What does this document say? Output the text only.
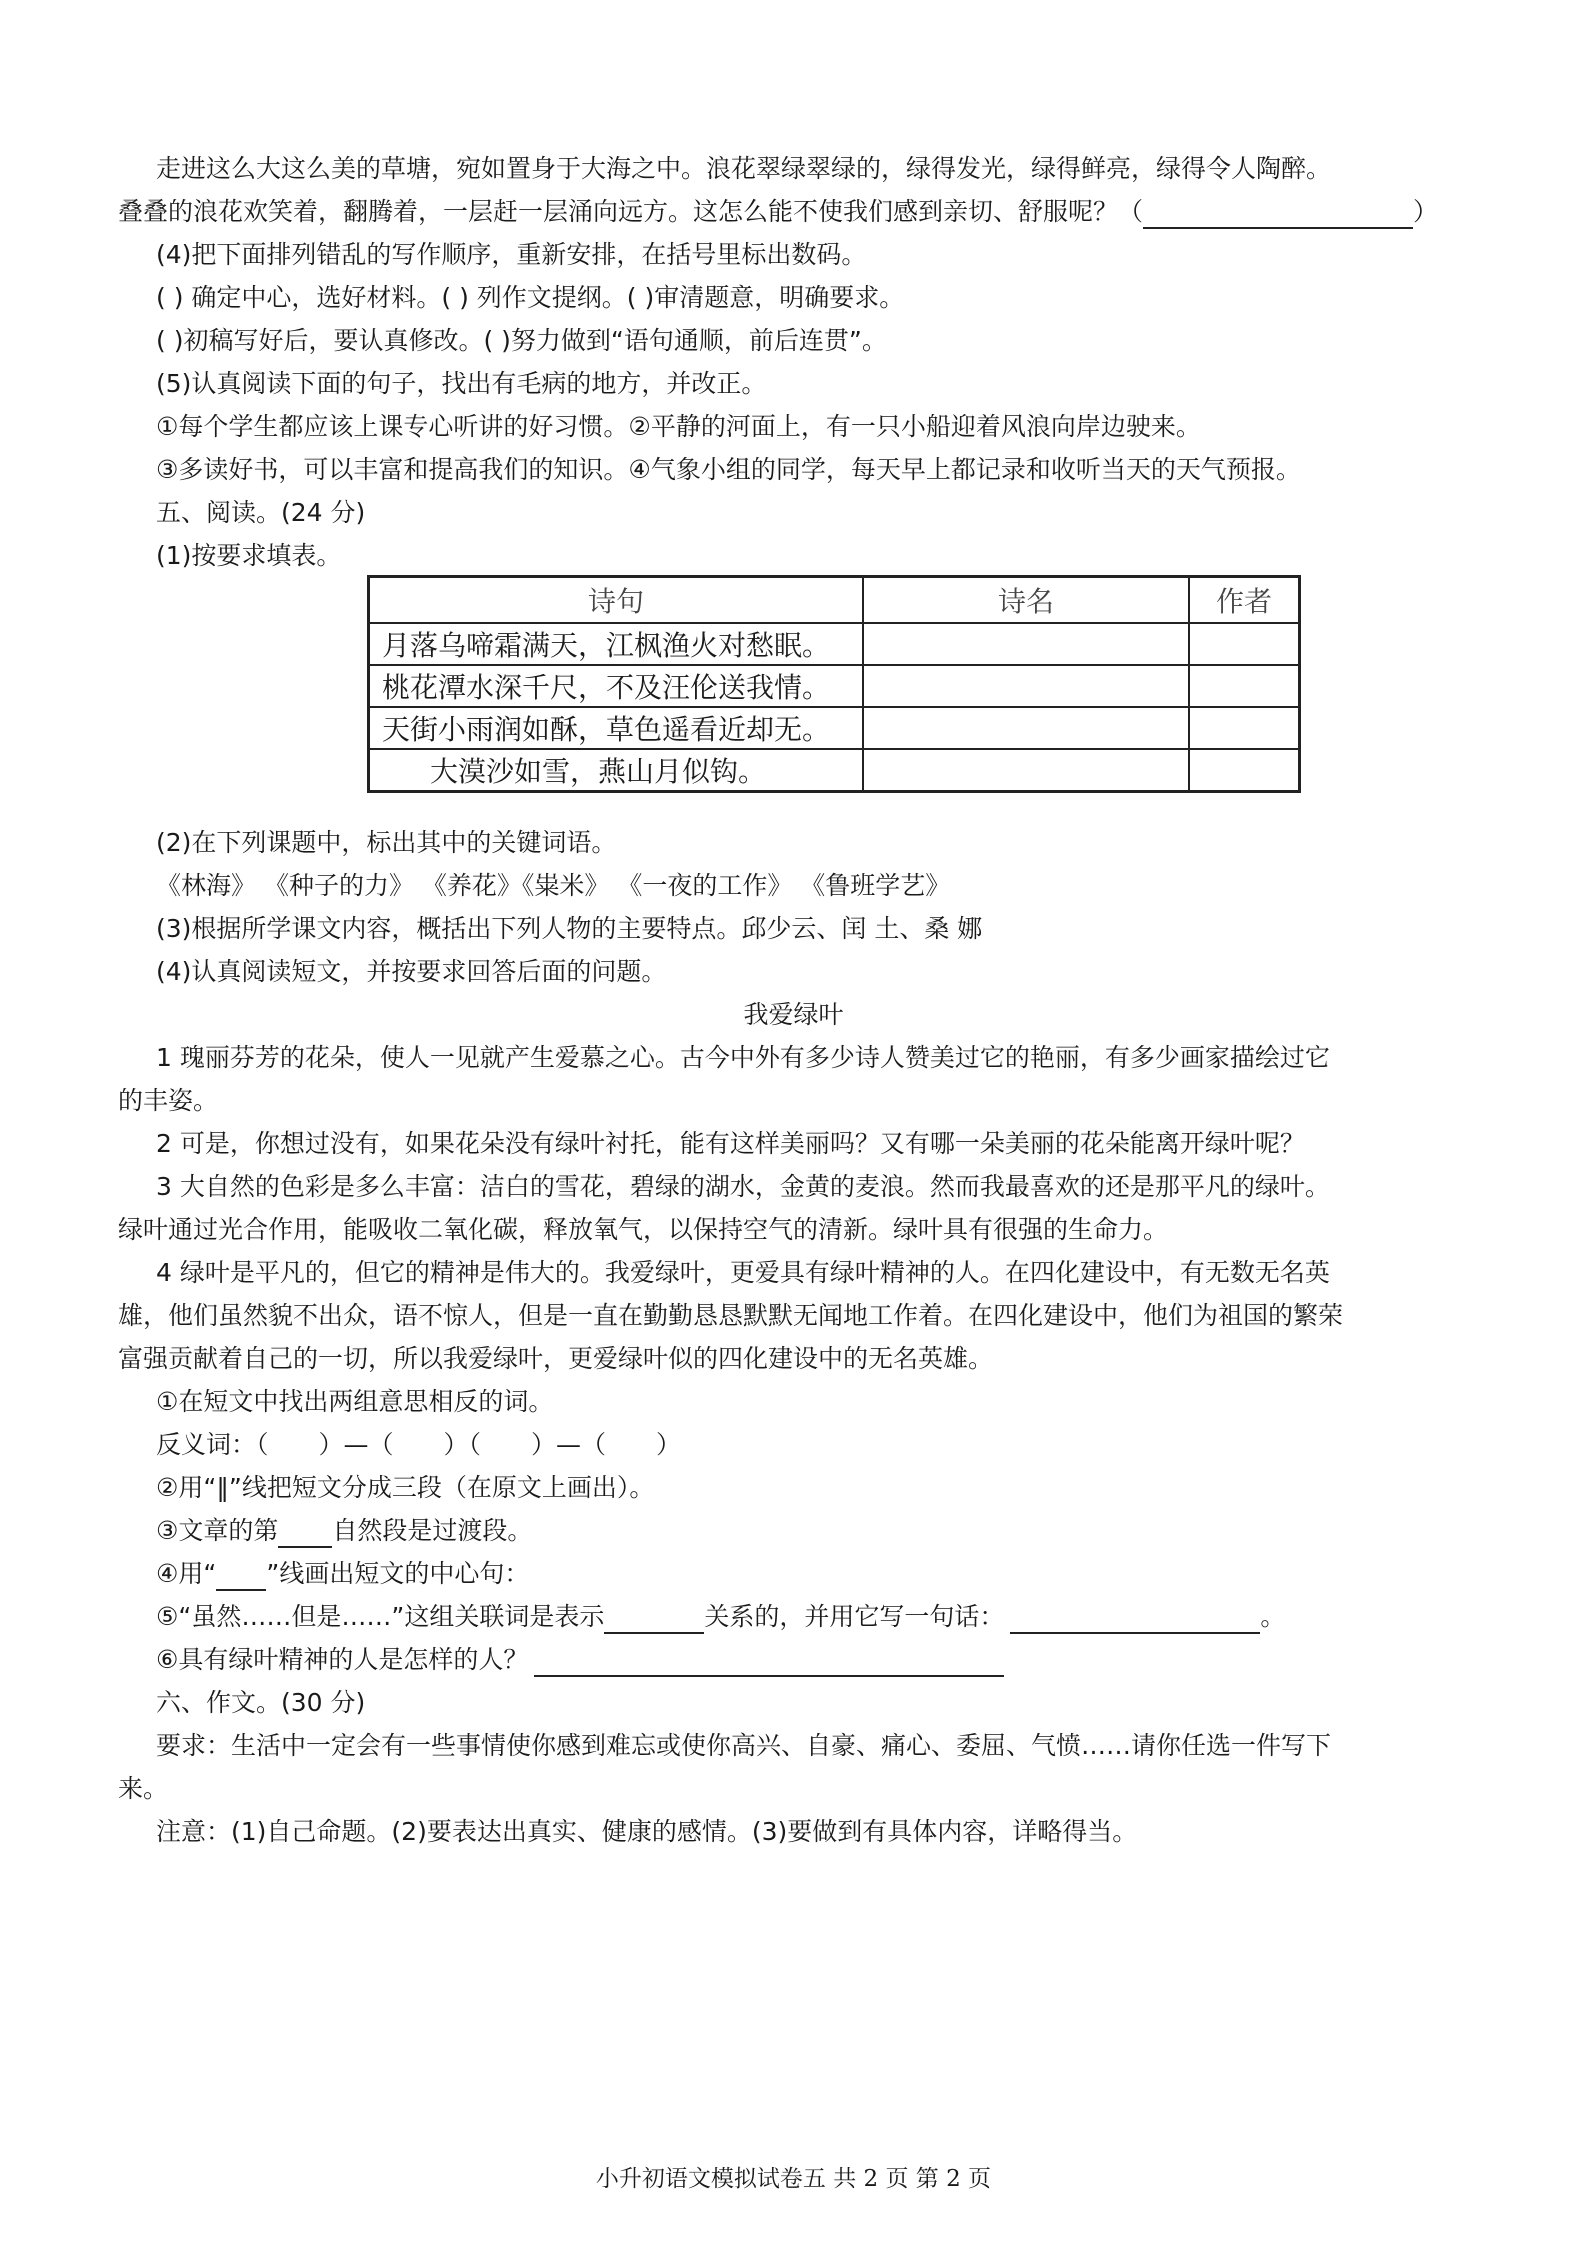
走进这么大这么美的草塘，宛如置身于大海之中。浪花翠绿翠绿的，绿得发光，绿得鲜亮，绿得令人陶醉。
叠叠的浪花欢笑着，翻腾着，一层赶一层涌向远方。这怎么能不使我们感到亲切、舒服呢？（	）
(4)把下面排列错乱的写作顺序，重新安排，在括号里标出数码。
( ) 确定中心，选好材料。( ) 列作文提纲。( )审清题意，明确要求。
( )初稿写好后，要认真修改。( )努力做到“语句通顺，前后连贯”。
(5)认真阅读下面的句子，找出有毛病的地方，并改正。
①每个学生都应该上课专心听讲的好习惯。②平静的河面上，有一只小船迎着风浪向岸边驶来。
③多读好书，可以丰富和提高我们的知识。④气象小组的同学，每天早上都记录和收听当天的天气预报。
五、阅读。(24 分)
(1)按要求填表。
诗句	诗名	作者
月落乌啼霜满天，江枫渔火对愁眠。		
桃花潭水深千尺，不及汪伦送我情。		
天街小雨润如酥，草色遥看近却无。		
大漠沙如雪，燕山月似钩。		
(2)在下列课题中，标出其中的关键词语。
《林海》 《种子的力》 《养花》《粜米》 《一夜的工作》 《鲁班学艺》
(3)根据所学课文内容，概括出下列人物的主要特点。邱少云、闰 土、桑 娜
(4)认真阅读短文，并按要求回答后面的问题。
我爱绿叶
1 瑰丽芬芳的花朵，使人一见就产生爱慕之心。古今中外有多少诗人赞美过它的艳丽，有多少画家描绘过它
的丰姿。
2 可是，你想过没有，如果花朵没有绿叶衬托，能有这样美丽吗？又有哪一朵美丽的花朵能离开绿叶呢？
3 大自然的色彩是多么丰富：洁白的雪花，碧绿的湖水，金黄的麦浪。然而我最喜欢的还是那平凡的绿叶。
绿叶通过光合作用，能吸收二氧化碳，释放氧气，以保持空气的清新。绿叶具有很强的生命力。
4 绿叶是平凡的，但它的精神是伟大的。我爱绿叶，更爱具有绿叶精神的人。在四化建设中，有无数无名英
雄，他们虽然貌不出众，语不惊人，但是一直在勤勤恳恳默默无闻地工作着。在四化建设中，他们为祖国的繁荣
富强贡献着自己的一切，所以我爱绿叶，更爱绿叶似的四化建设中的无名英雄。
①在短文中找出两组意思相反的词。
反义词：（　　）—（　　）（　　）—（　　）
②用“‖”线把短文分成三段（在原文上画出）。
③文章的第 自然段是过渡段。
④用“ ”线画出短文的中心句：
⑤“虽然……但是……”这组关联词是表示	关系的，并用它写一句话：	。
⑥具有绿叶精神的人是怎样的人？
六、作文。(30 分)
要求：生活中一定会有一些事情使你感到难忘或使你高兴、自豪、痛心、委屈、气愤……请你任选一件写下
来。
注意：(1)自己命题。(2)要表达出真实、健康的感情。(3)要做到有具体内容，详略得当。
小升初语文模拟试卷五 共 2 页 第 2 页
